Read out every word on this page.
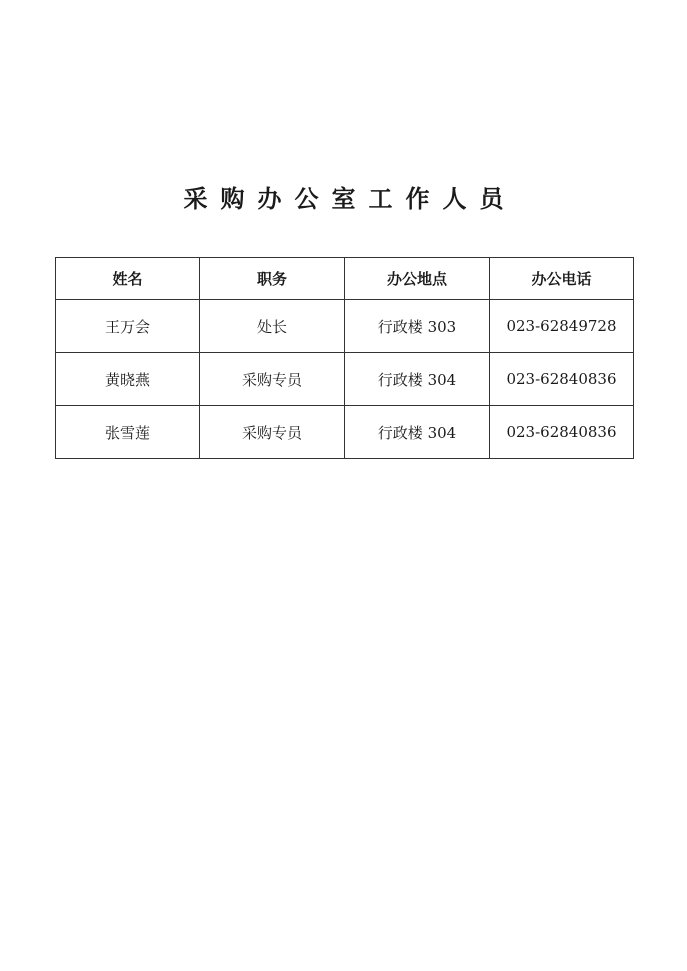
采购办公室工作人员
姓名	职务	办公地点	办公电话
王万会	处长	行政楼 303	023-62849728
黄晓燕	采购专员	行政楼 304	023-62840836
张雪莲	采购专员	行政楼 304	023-62840836
